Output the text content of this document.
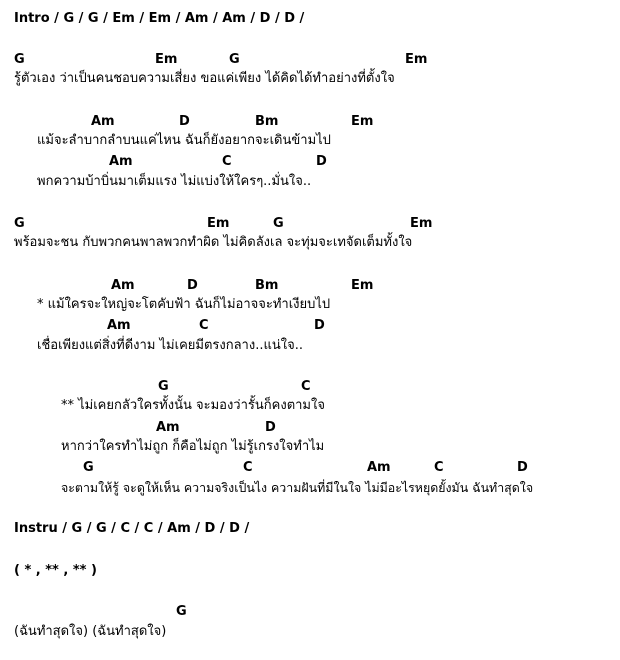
Intro / G / G / Em / Em / Am / Am / D / D /
G	Em	G	Em
รู้ตัวเอง ว่าเป็นคนชอบความเสี่ยง ขอแค่เพียง ได้คิดได้ทำอย่างที่ตั้งใจ
Am	D	Bm	Em
แม้จะลำบากลำบนแค่ไหน ฉันก็ยังอยากจะเดินข้ามไป
Am	C	D
พกความบ้าบิ่นมาเต็มแรง ไม่แบ่งให้ใครๆ..มั่นใจ..
G	Em	G	Em
พร้อมจะชน กับพวกคนพาลพวกทำผิด ไม่คิดลังเล จะทุ่มจะเทจัดเต็มทั้งใจ
Am	D	Bm	Em
* แม้ใครจะใหญ่จะโตคับฟ้า ฉันก็ไม่อาจจะทำเงียบไป
Am	C	D
เชื่อเพียงแต่สิ่งที่ดีงาม ไม่เคยมีตรงกลาง..แน่ใจ..
G	C
** ไม่เคยกลัวใครทั้งนั้น จะมองว่ารั้นก็คงตามใจ
Am	D
หากว่าใครทำไม่ถูก ก็คือไม่ถูก ไม่รู้เกรงใจทำไม
G	C	Am	C	D
จะตามให้รู้ จะดูให้เห็น ความจริงเป็นไง ความฝันที่มีในใจ ไม่มีอะไรหยุดยั้งมัน ฉันทำสุดใจ
Instru / G / G / C / C / Am / D / D /
( * , ** , ** )
G
(ฉันทำสุดใจ) (ฉันทำสุดใจ)
